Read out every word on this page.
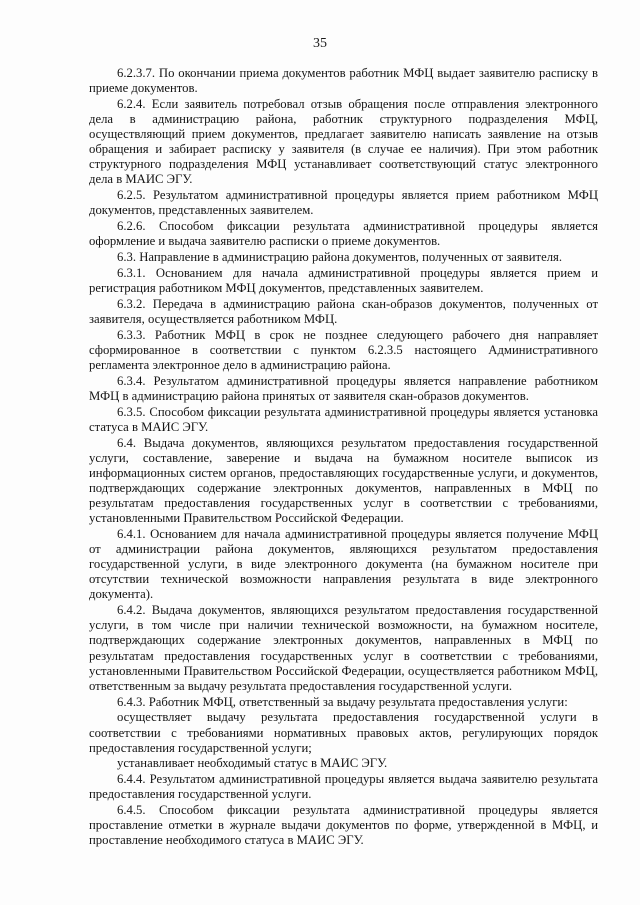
35

6.2.3.7. По окончании приема документов работник МФЦ выдает заявителю расписку в приеме документов.

6.2.4. Если заявитель потребовал отзыв обращения после отправления электронного дела в администрацию района, работник структурного подразделения МФЦ, осуществляющий прием документов, предлагает заявителю написать заявление на отзыв обращения и забирает расписку у заявителя (в случае ее наличия). При этом работник структурного подразделения МФЦ устанавливает соответствующий статус электронного дела в МАИС ЭГУ.

6.2.5. Результатом административной процедуры является прием работником МФЦ документов, представленных заявителем.

6.2.6. Способом фиксации результата административной процедуры является оформление и выдача заявителю расписки о приеме документов.

6.3. Направление в администрацию района документов, полученных от заявителя.

6.3.1. Основанием для начала административной процедуры является прием и регистрация работником МФЦ документов, представленных заявителем.

6.3.2. Передача в администрацию района скан-образов документов, полученных от заявителя, осуществляется работником МФЦ.

6.3.3. Работник МФЦ в срок не позднее следующего рабочего дня направляет сформированное в соответствии с пунктом 6.2.3.5 настоящего Административного регламента электронное дело в администрацию района.

6.3.4. Результатом административной процедуры является направление работником МФЦ в администрацию района принятых от заявителя скан-образов документов.

6.3.5. Способом фиксации результата административной процедуры является установка статуса в МАИС ЭГУ.

6.4. Выдача документов, являющихся результатом предоставления государственной услуги, составление, заверение и выдача на бумажном носителе выписок из информационных систем органов, предоставляющих государственные услуги, и документов, подтверждающих содержание электронных документов, направленных в МФЦ по результатам предоставления государственных услуг в соответствии с требованиями, установленными Правительством Российской Федерации.

6.4.1. Основанием для начала административной процедуры является получение МФЦ от администрации района документов, являющихся результатом предоставления государственной услуги, в виде электронного документа (на бумажном носителе при отсутствии технической возможности направления результата в виде электронного документа).

6.4.2. Выдача документов, являющихся результатом предоставления государственной услуги, в том числе при наличии технической возможности, на бумажном носителе, подтверждающих содержание электронных документов, направленных в МФЦ по результатам предоставления государственных услуг в соответствии с требованиями, установленными Правительством Российской Федерации, осуществляется работником МФЦ, ответственным за выдачу результата предоставления государственной услуги.

6.4.3. Работник МФЦ, ответственный за выдачу результата предоставления услуги:

осуществляет выдачу результата предоставления государственной услуги в соответствии с требованиями нормативных правовых актов, регулирующих порядок предоставления государственной услуги;

устанавливает необходимый статус в МАИС ЭГУ.

6.4.4. Результатом административной процедуры является выдача заявителю результата предоставления государственной услуги.

6.4.5. Способом фиксации результата административной процедуры является проставление отметки в журнале выдачи документов по форме, утвержденной в МФЦ, и проставление необходимого статуса в МАИС ЭГУ.
